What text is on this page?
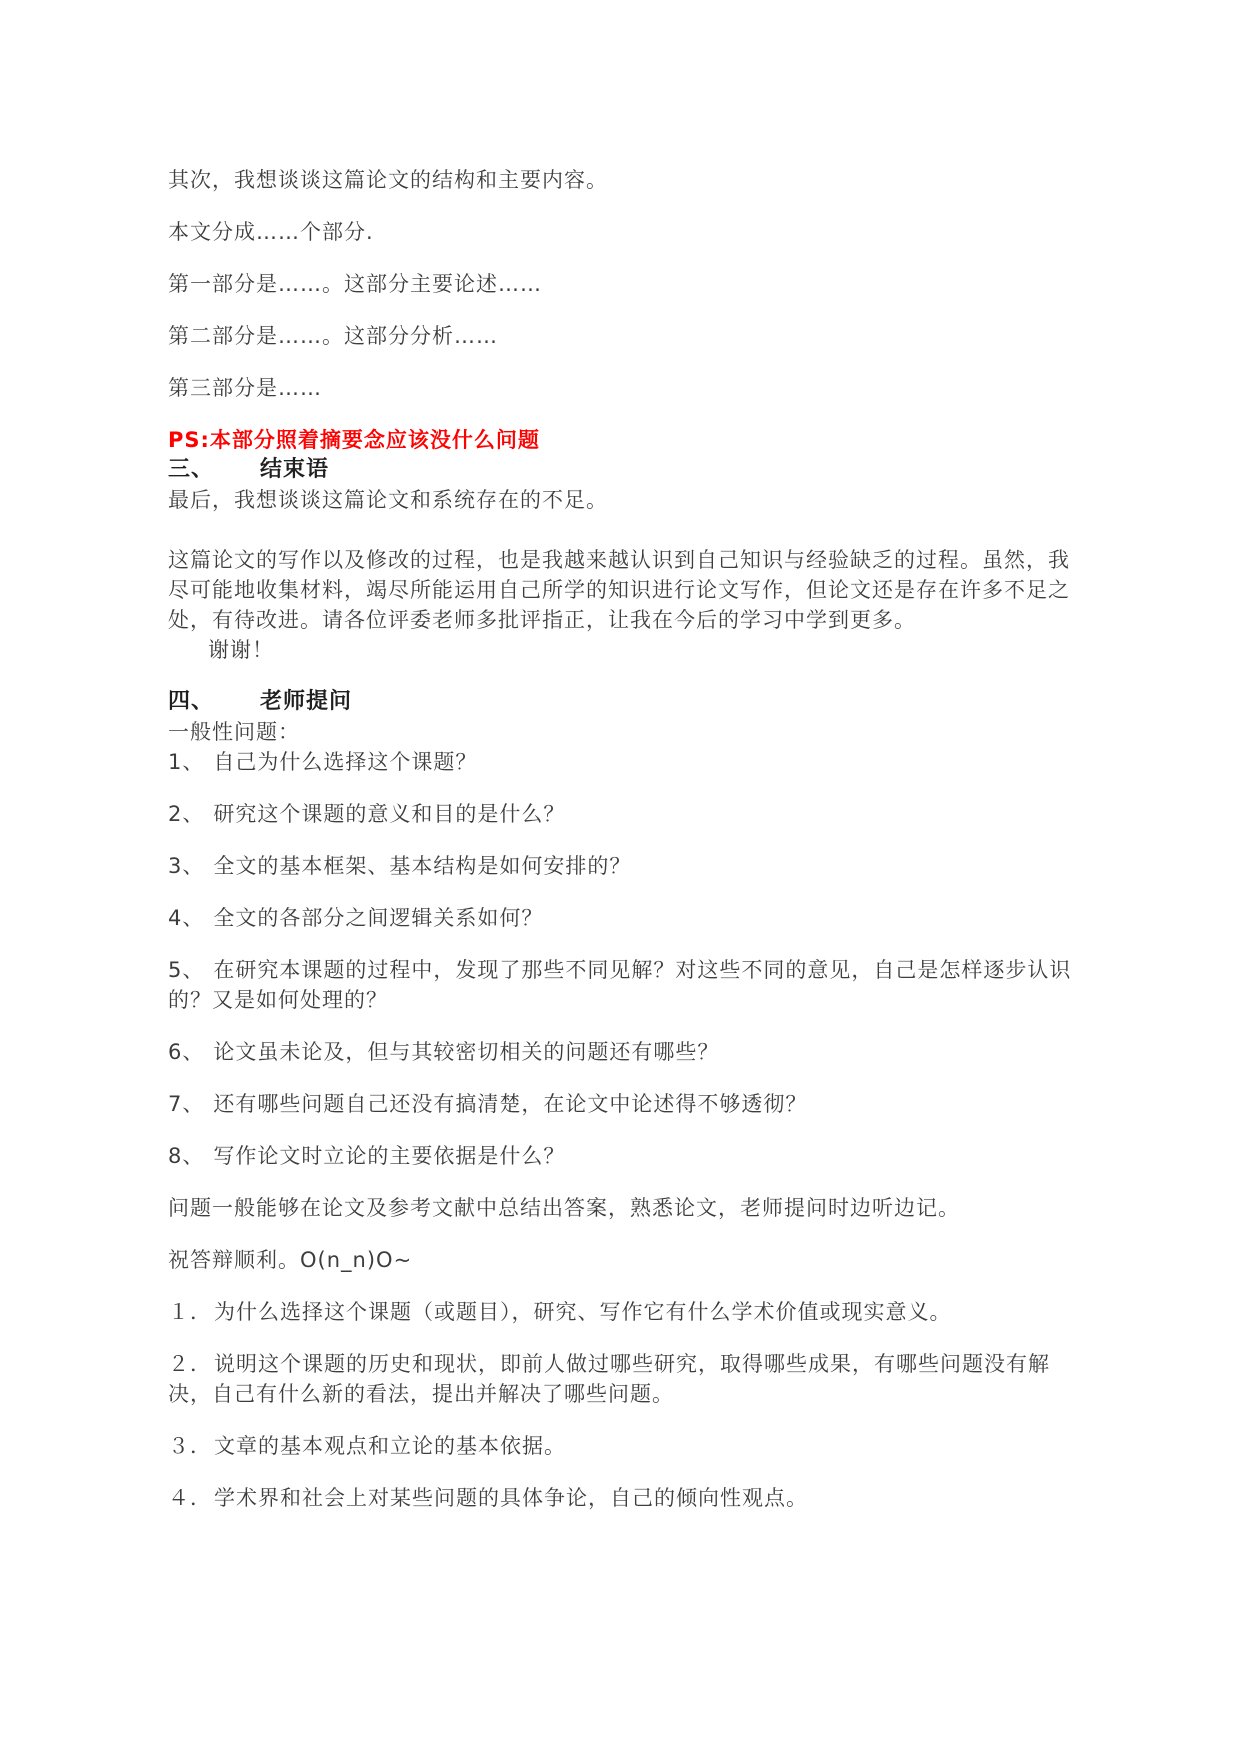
其次，我想谈谈这篇论文的结构和主要内容。

本文分成……个部分.

第一部分是……。这部分主要论述……

第二部分是……。这部分分析……

第三部分是……

PS:本部分照着摘要念应该没什么问题

三、 结束语

最后，我想谈谈这篇论文和系统存在的不足。

这篇论文的写作以及修改的过程，也是我越来越认识到自己知识与经验缺乏的过程。虽然，我尽可能地收集材料，竭尽所能运用自己所学的知识进行论文写作，但论文还是存在许多不足之处，有待改进。请各位评委老师多批评指正，让我在今后的学习中学到更多。

谢谢！

四、 老师提问

一般性问题：

1、 自己为什么选择这个课题？

2、 研究这个课题的意义和目的是什么？

3、 全文的基本框架、基本结构是如何安排的？

4、 全文的各部分之间逻辑关系如何？

5、 在研究本课题的过程中，发现了那些不同见解？对这些不同的意见，自己是怎样逐步认识的？又是如何处理的？

6、 论文虽未论及，但与其较密切相关的问题还有哪些？

7、 还有哪些问题自己还没有搞清楚，在论文中论述得不够透彻？

8、 写作论文时立论的主要依据是什么？

问题一般能够在论文及参考文献中总结出答案，熟悉论文，老师提问时边听边记。

祝答辩顺利。O(n_n)O~

１．为什么选择这个课题（或题目），研究、写作它有什么学术价值或现实意义。

２．说明这个课题的历史和现状，即前人做过哪些研究，取得哪些成果，有哪些问题没有解决，自己有什么新的看法，提出并解决了哪些问题。

３．文章的基本观点和立论的基本依据。

４．学术界和社会上对某些问题的具体争论，自己的倾向性观点。
